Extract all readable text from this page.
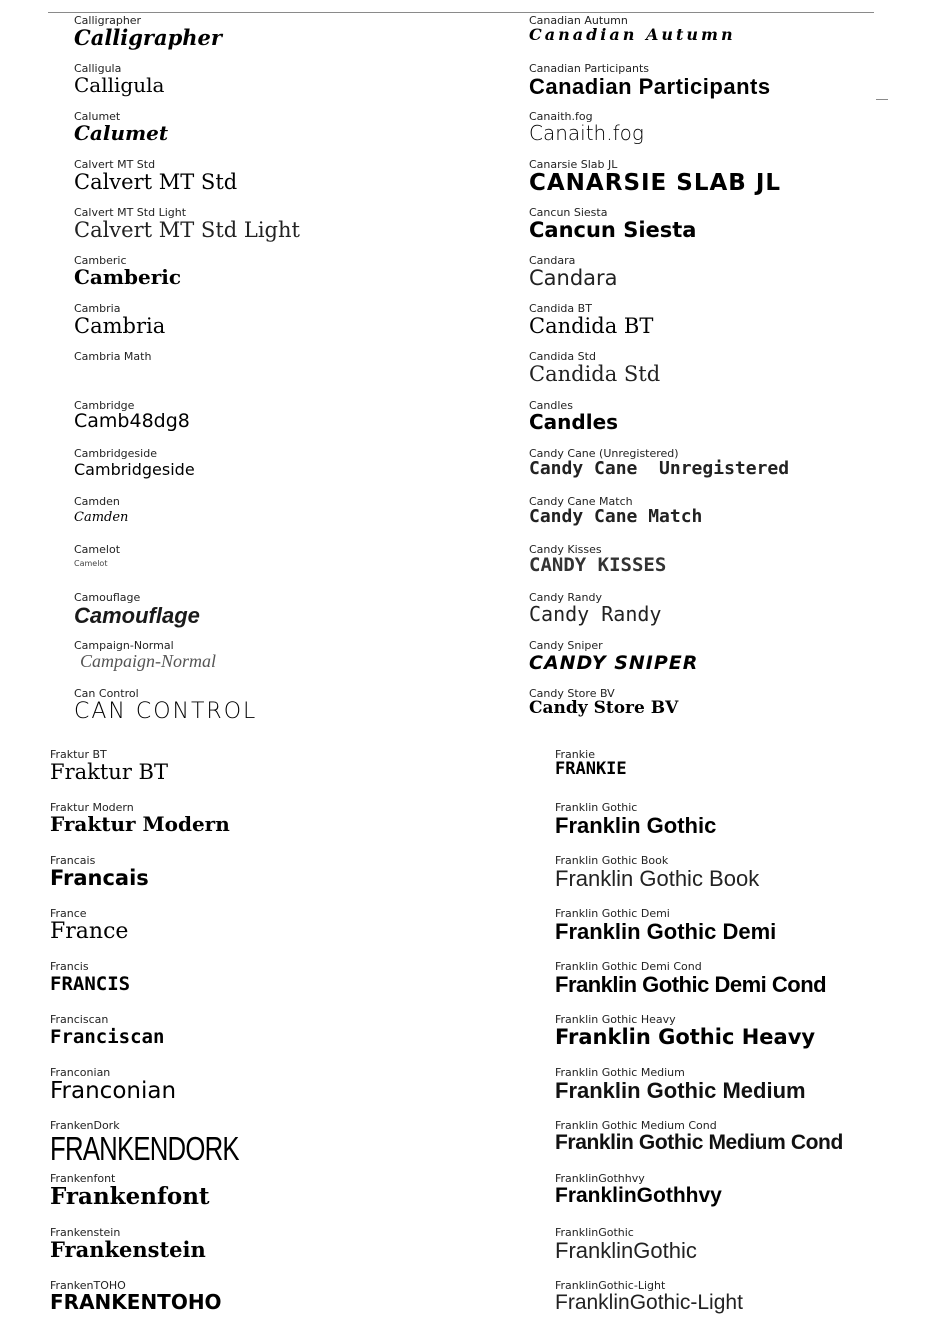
Calligrapher
Calligrapher
Calligula
Calligula
Calumet
Calumet
Calvert MT Std
Calvert MT Std
Calvert MT Std Light
Calvert MT Std Light
Camberic
Camberic
Cambria
Cambria
Cambria Math
Cambridge
Camb48dg8
Cambridgeside
Cambridgeside
Camden
Camden
Camelot
Camelot
Camouflage
Camouflage
Campaign-Normal
Campaign-Normal
Can Control
CAN CONTROL
Canadian Autumn
Canadian Autumn
Canadian Participants
Canadian Participants
Canaith.fog
Canaith.fog
Canarsie Slab JL
CANARSIE SLAB JL
Cancun Siesta
Cancun Siesta
Candara
Candara
Candida BT
Candida BT
Candida Std
Candida Std
Candles
Candles
Candy Cane (Unregistered)
Candy Cane  Unregistered
Candy Cane Match
Candy Cane Match
Candy Kisses
CANDY KISSES
Candy Randy
Candy Randy
Candy Sniper
CANDY SNIPER
Candy Store BV
Candy Store BV
Fraktur BT
Fraktur BT
Fraktur Modern
Fraktur Modern
Francais
Francais
France
France
Francis
FRANCIS
Franciscan
Franciscan
Franconian
Franconian
FrankenDork
FRANKENDORK
Frankenfont
Frankenfont
Frankenstein
Frankenstein
FrankenTOHO
FRANKENTOHO
Frankie
FRANKIE
Franklin Gothic
Franklin Gothic
Franklin Gothic Book
Franklin Gothic Book
Franklin Gothic Demi
Franklin Gothic Demi
Franklin Gothic Demi Cond
Franklin Gothic Demi Cond
Franklin Gothic Heavy
Franklin Gothic Heavy
Franklin Gothic Medium
Franklin Gothic Medium
Franklin Gothic Medium Cond
Franklin Gothic Medium Cond
FranklinGothhvy
FranklinGothhvy
FranklinGothic
FranklinGothic
FranklinGothic-Light
FranklinGothic-Light
